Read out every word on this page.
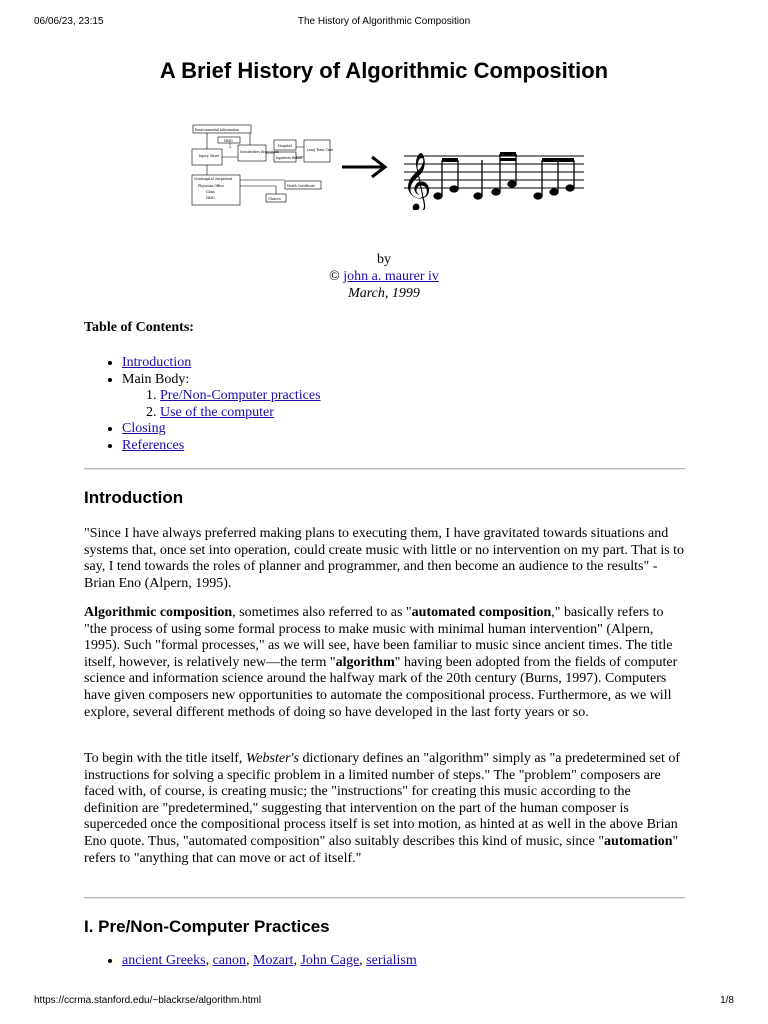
06/06/23, 23:15	The History of Algorithmic Composition
A Brief History of Algorithmic Composition
Environmental Information
HMO
Injury Onset
Sensitivities Disposition
Hospital
Inpatient Rehab
Long Term Care
Nonhospital Outpatient
Physician Office
Clinic
HMO
Death Certificate
Choices 𝄞
by
© john a. maurer iv
March, 1999
Table of Contents:
• Introduction
• Main Body:
1. Pre/Non-Computer practices
2. Use of the computer
• Closing
• References
Introduction

"Since I have always preferred making plans to executing them, I have gravitated towards situations and systems that, once set into operation, could create music with little or no intervention on my part. That is to say, I tend towards the roles of planner and programmer, and then become an audience to the results" -Brian Eno (Alpern, 1995).

Algorithmic composition, sometimes also referred to as "automated composition," basically refers to "the process of using some formal process to make music with minimal human intervention" (Alpern, 1995). Such "formal processes," as we will see, have been familiar to music since ancient times. The title itself, however, is relatively new—the term "algorithm" having been adopted from the fields of computer science and information science around the halfway mark of the 20th century (Burns, 1997). Computers have given composers new opportunities to automate the compositional process. Furthermore, as we will explore, several different methods of doing so have developed in the last forty years or so.

To begin with the title itself, Webster's dictionary defines an "algorithm" simply as "a predetermined set of instructions for solving a specific problem in a limited number of steps." The "problem" composers are faced with, of course, is creating music; the "instructions" for creating this music according to the definition are "predetermined," suggesting that intervention on the part of the human composer is superceded once the compositional process itself is set into motion, as hinted at as well in the above Brian Eno quote. Thus, "automated composition" also suitably describes this kind of music, since "automation" refers to "anything that can move or act of itself."

I. Pre/Non-Computer Practices
• ancient Greeks, canon, Mozart, John Cage, serialism
https://ccrma.stanford.edu/~blackrse/algorithm.html	1/8
